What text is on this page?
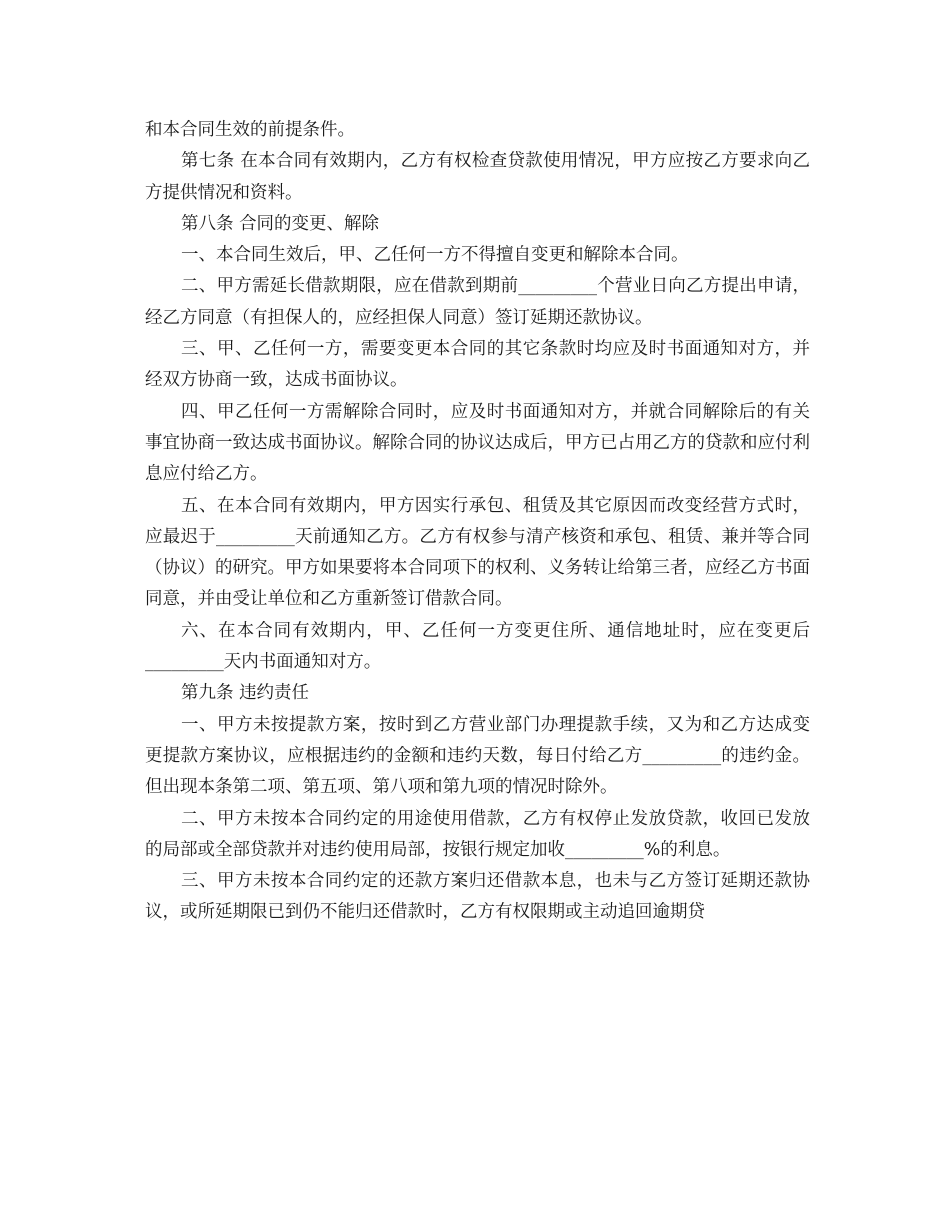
和本合同生效的前提条件。

第七条 在本合同有效期内，乙方有权检查贷款使用情况，甲方应按乙方要求向乙方提供情况和资料。

第八条 合同的变更、解除

一、本合同生效后，甲、乙任何一方不得擅自变更和解除本合同。

二、甲方需延长借款期限，应在借款到期前_________个营业日向乙方提出申请，经乙方同意（有担保人的，应经担保人同意）签订延期还款协议。

三、甲、乙任何一方，需要变更本合同的其它条款时均应及时书面通知对方，并经双方协商一致，达成书面协议。

四、甲乙任何一方需解除合同时，应及时书面通知对方，并就合同解除后的有关事宜协商一致达成书面协议。解除合同的协议达成后，甲方已占用乙方的贷款和应付利息应付给乙方。

五、在本合同有效期内，甲方因实行承包、租赁及其它原因而改变经营方式时，应最迟于_________天前通知乙方。乙方有权参与清产核资和承包、租赁、兼并等合同（协议）的研究。甲方如果要将本合同项下的权利、义务转让给第三者，应经乙方书面同意，并由受让单位和乙方重新签订借款合同。

六、在本合同有效期内，甲、乙任何一方变更住所、通信地址时，应在变更后_________天内书面通知对方。

第九条 违约责任

一、甲方未按提款方案，按时到乙方营业部门办理提款手续，又为和乙方达成变更提款方案协议，应根据违约的金额和违约天数，每日付给乙方_________的违约金。但出现本条第二项、第五项、第八项和第九项的情况时除外。

二、甲方未按本合同约定的用途使用借款，乙方有权停止发放贷款，收回已发放的局部或全部贷款并对违约使用局部，按银行规定加收_________%的利息。

三、甲方未按本合同约定的还款方案归还借款本息，也未与乙方签订延期还款协议，或所延期限已到仍不能归还借款时，乙方有权限期或主动追回逾期贷
